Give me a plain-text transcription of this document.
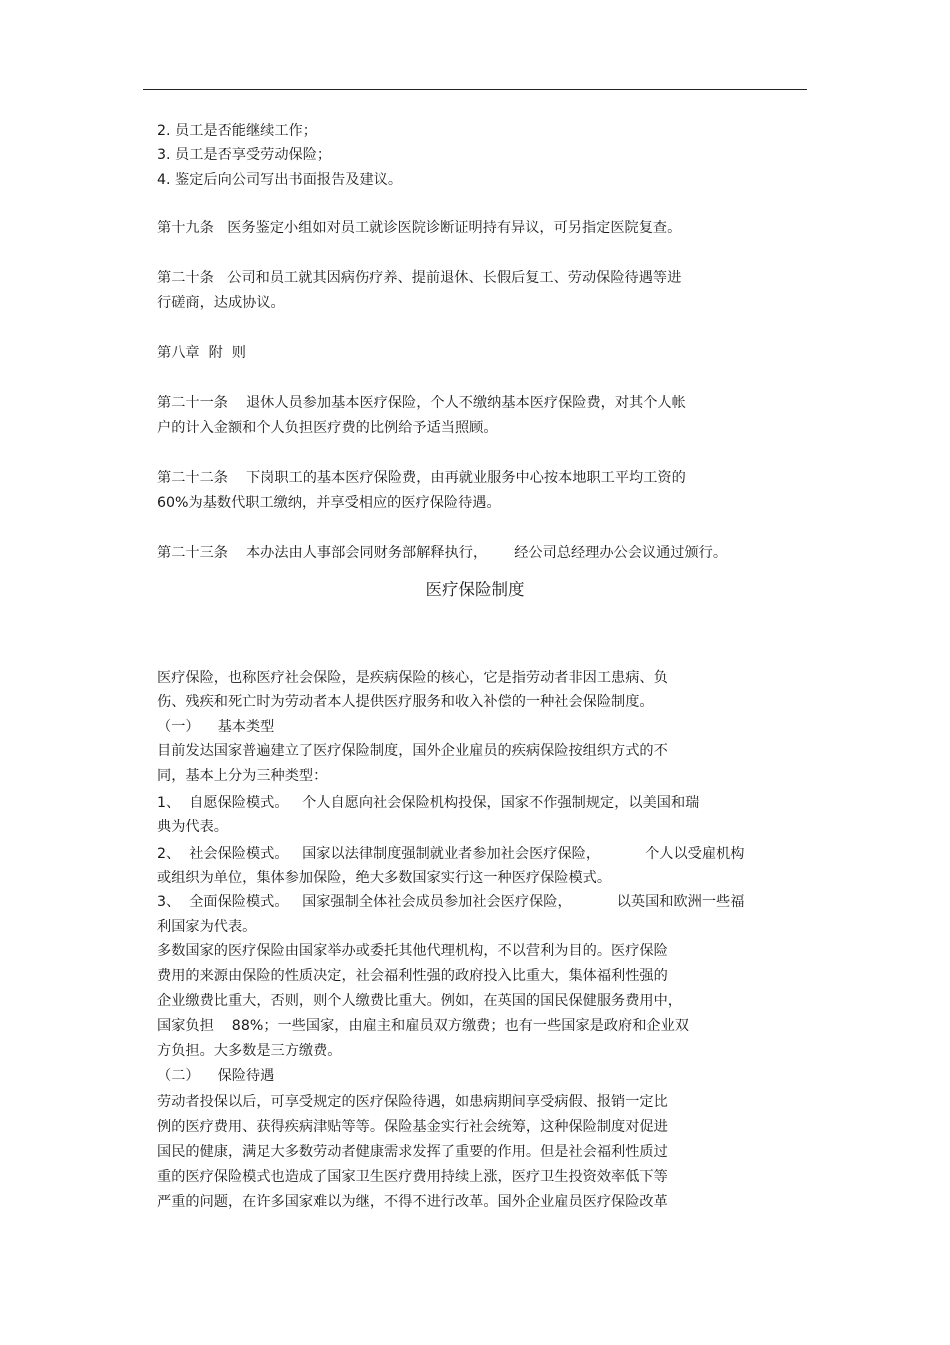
2. 员工是否能继续工作；
3. 员工是否享受劳动保险；
4. 鉴定后向公司写出书面报告及建议。
第十九条   医务鉴定小组如对员工就诊医院诊断证明持有异议，可另指定医院复查。
第二十条   公司和员工就其因病伤疗养、提前退休、长假后复工、劳动保险待遇等进
行磋商，达成协议。
第八章  附  则
第二十一条    退休人员参加基本医疗保险，个人不缴纳基本医疗保险费，对其个人帐
户的计入金额和个人负担医疗费的比例给予适当照顾。
第二十二条    下岗职工的基本医疗保险费，由再就业服务中心按本地职工平均工资的
60%为基数代职工缴纳，并享受相应的医疗保险待遇。
第二十三条    本办法由人事部会同财务部解释执行，      经公司总经理办公会议通过颁行。
医疗保险制度
医疗保险，也称医疗社会保险，是疾病保险的核心，它是指劳动者非因工患病、负
伤、残疾和死亡时为劳动者本人提供医疗服务和收入补偿的一种社会保险制度。
（一）    基本类型
目前发达国家普遍建立了医疗保险制度，国外企业雇员的疾病保险按组织方式的不
同，基本上分为三种类型：
1、  自愿保险模式。   个人自愿向社会保险机构投保，国家不作强制规定，以美国和瑞
典为代表。
2、  社会保险模式。   国家以法律制度强制就业者参加社会医疗保险，          个人以受雇机构
或组织为单位，集体参加保险，绝大多数国家实行这一种医疗保险模式。
3、  全面保险模式。   国家强制全体社会成员参加社会医疗保险，          以英国和欧洲一些福
利国家为代表。
多数国家的医疗保险由国家举办或委托其他代理机构，不以营利为目的。医疗保险
费用的来源由保险的性质决定，社会福利性强的政府投入比重大，集体福利性强的
企业缴费比重大，否则，则个人缴费比重大。例如，在英国的国民保健服务费用中，
国家负担    88%；一些国家，由雇主和雇员双方缴费；也有一些国家是政府和企业双
方负担。大多数是三方缴费。
（二）    保险待遇
劳动者投保以后，可享受规定的医疗保险待遇，如患病期间享受病假、报销一定比
例的医疗费用、获得疾病津贴等等。保险基金实行社会统筹，这种保险制度对促进
国民的健康，满足大多数劳动者健康需求发挥了重要的作用。但是社会福利性质过
重的医疗保险模式也造成了国家卫生医疗费用持续上涨，医疗卫生投资效率低下等
严重的问题，在许多国家难以为继，不得不进行改革。国外企业雇员医疗保险改革
